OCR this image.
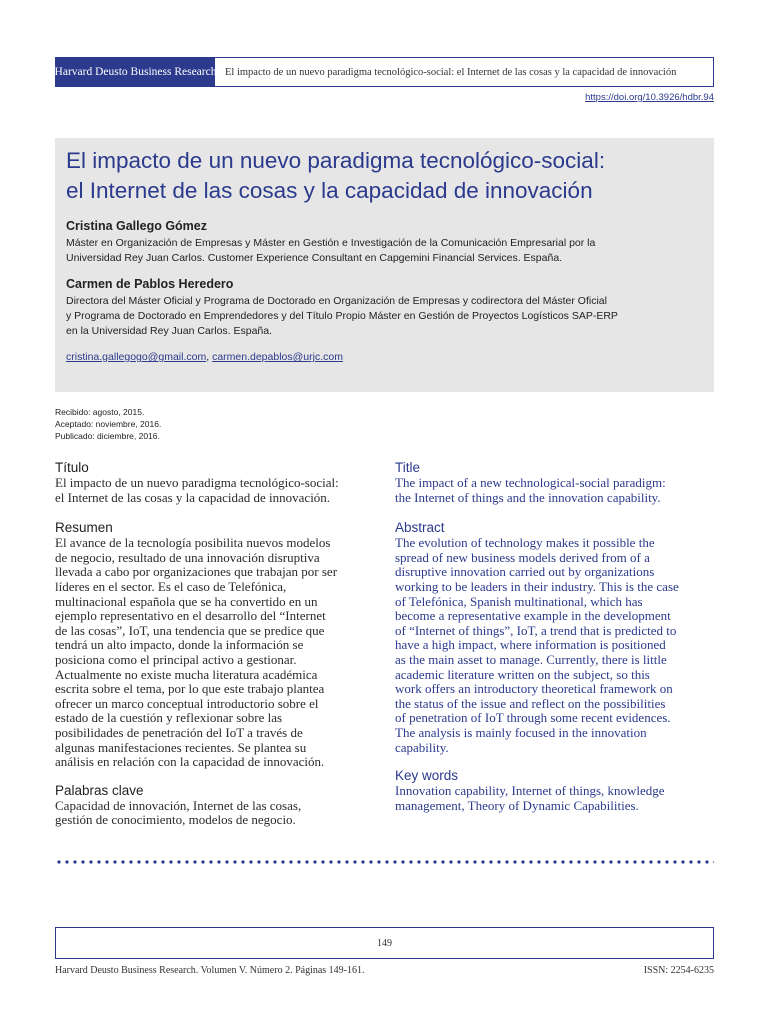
Harvard Deusto Business Research El impacto de un nuevo paradigma tecnológico-social: el Internet de las cosas y la capacidad de innovación
https://doi.org/10.3926/hdbr.94
El impacto de un nuevo paradigma tecnológico-social:
el Internet de las cosas y la capacidad de innovación
Cristina Gallego Gómez
Máster en Organización de Empresas y Máster en Gestión e Investigación de la Comunicación Empresarial por la
Universidad Rey Juan Carlos. Customer Experience Consultant en Capgemini Financial Services. España.
Carmen de Pablos Heredero
Directora del Máster Oficial y Programa de Doctorado en Organización de Empresas y codirectora del Máster Oficial
y Programa de Doctorado en Emprendedores y del Título Propio Máster en Gestión de Proyectos Logísticos SAP-ERP
en la Universidad Rey Juan Carlos. España.
cristina.gallegogo@gmail.com, carmen.depablos@urjc.com
Recibido: agosto, 2015.
Aceptado: noviembre, 2016.
Publicado: diciembre, 2016.
Título
El impacto de un nuevo paradigma tecnológico-social:
el Internet de las cosas y la capacidad de innovación.
Resumen
El avance de la tecnología posibilita nuevos modelos
de negocio, resultado de una innovación disruptiva
llevada a cabo por organizaciones que trabajan por ser
líderes en el sector. Es el caso de Telefónica,
multinacional española que se ha convertido en un
ejemplo representativo en el desarrollo del “Internet
de las cosas”, IoT, una tendencia que se predice que
tendrá un alto impacto, donde la información se
posiciona como el principal activo a gestionar.
Actualmente no existe mucha literatura académica
escrita sobre el tema, por lo que este trabajo plantea
ofrecer un marco conceptual introductorio sobre el
estado de la cuestión y reflexionar sobre las
posibilidades de penetración del IoT a través de
algunas manifestaciones recientes. Se plantea su
análisis en relación con la capacidad de innovación.
Palabras clave
Capacidad de innovación, Internet de las cosas,
gestión de conocimiento, modelos de negocio.
Title
The impact of a new technological-social paradigm:
the Internet of things and the innovation capability.
Abstract
The evolution of technology makes it possible the
spread of new business models derived from of a
disruptive innovation carried out by organizations
working to be leaders in their industry. This is the case
of Telefónica, Spanish multinational, which has
become a representative example in the development
of “Internet of things”, IoT, a trend that is predicted to
have a high impact, where information is positioned
as the main asset to manage. Currently, there is little
academic literature written on the subject, so this
work offers an introductory theoretical framework on
the status of the issue and reflect on the possibilities
of penetration of IoT through some recent evidences.
The analysis is mainly focused in the innovation
capability.
Key words
Innovation capability, Internet of things, knowledge
management, Theory of Dynamic Capabilities.
149
Harvard Deusto Business Research. Volumen V. Número 2. Páginas 149-161.	ISSN: 2254-6235
